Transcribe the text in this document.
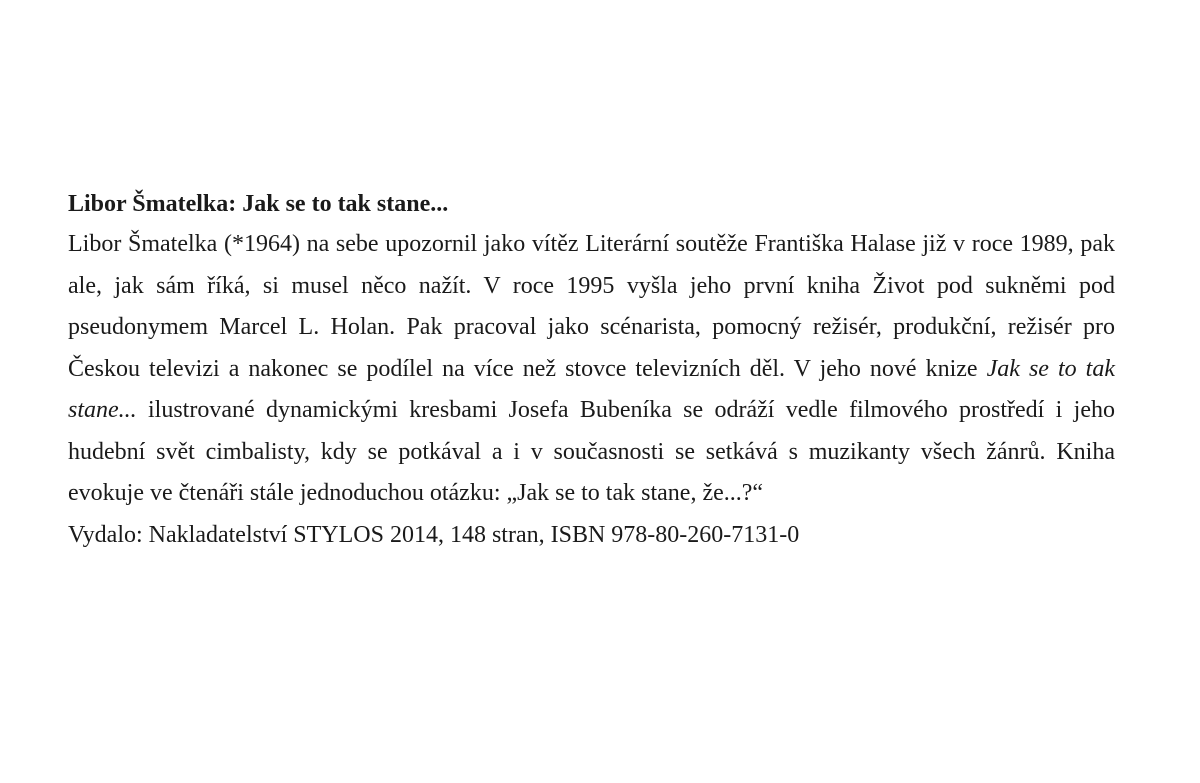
Libor Šmatelka: Jak se to tak stane...

Libor Šmatelka (*1964) na sebe upozornil jako vítěz Literární soutěže Františka Halase již v roce 1989, pak ale, jak sám říká, si musel něco nažít. V roce 1995 vyšla jeho první kniha Život pod sukněmi pod pseudonymem Marcel L. Holan. Pak pracoval jako scénarista, pomocný režisér, produkční, režisér pro Českou televizi a nakonec se podílel na více než stovce televizních děl. V jeho nové knize Jak se to tak stane... ilustrované dynamickými kresbami Josefa Bubeníka se odráží vedle filmového prostředí i jeho hudební svět cimbalisty, kdy se potkával a i v současnosti se setkává s muzikanty všech žánrů. Kniha evokuje ve čtenáři stále jednoduchou otázku: „Jak se to tak stane, že...?“

Vydalo: Nakladatelství STYLOS 2014, 148 stran, ISBN 978-80-260-7131-0
